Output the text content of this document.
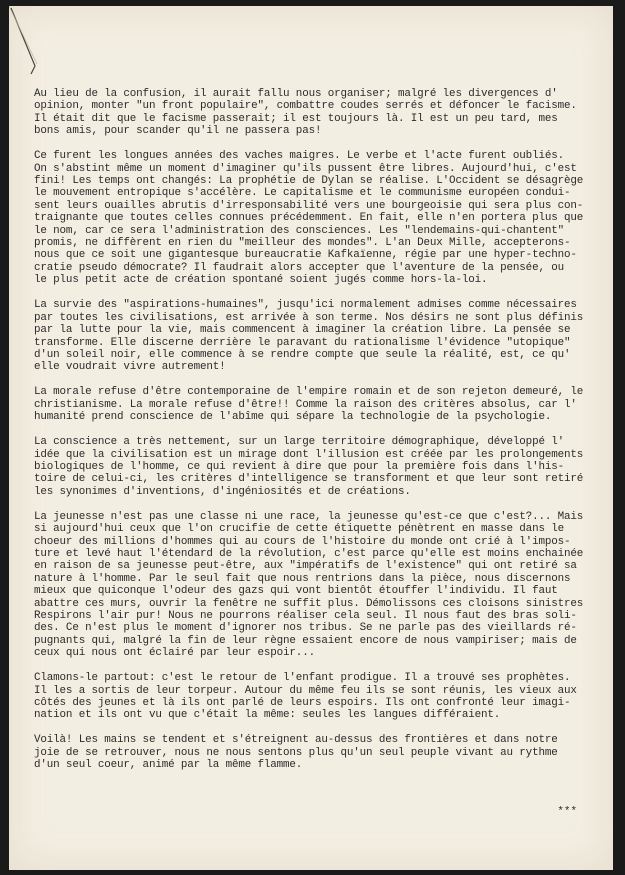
Au lieu de la confusion, il aurait fallu nous organiser; malgré les divergences d'
opinion, monter "un front populaire", combattre coudes serrés et défoncer le facisme.
Il était dit que le facisme passerait; il est toujours là. Il est un peu tard, mes
bons amis, pour scander qu'il ne passera pas!
Ce furent les longues années des vaches maigres. Le verbe et l'acte furent oubliés.
On s'abstint même un moment d'imaginer qu'ils pussent être libres. Aujourd'hui, c'est
fini! Les temps ont changés: La prophétie de Dylan se réalise. L'Occident se désagrège
le mouvement entropique s'accélère. Le capitalisme et le communisme européen condui-
sent leurs ouailles abrutis d'irresponsabilité vers une bourgeoisie qui sera plus con-
traignante que toutes celles connues précédemment. En fait, elle n'en portera plus que
le nom, car ce sera l'administration des consciences. Les "lendemains-qui-chantent"
promis, ne diffèrent en rien du "meilleur des mondes". L'an Deux Mille, accepterons-
nous que ce soit une gigantesque bureaucratie Kafkaïenne, régie par une hyper-techno-
cratie pseudo démocrate? Il faudrait alors accepter que l'aventure de la pensée, ou
le plus petit acte de création spontané soient jugés comme hors-la-loi.
La survie des "aspirations-humaines", jusqu'ici normalement admises comme nécessaires
par toutes les civilisations, est arrivée à son terme. Nos désirs ne sont plus définis
par la lutte pour la vie, mais commencent à imaginer la création libre. La pensée se
transforme. Elle discerne derrière le paravant du rationalisme l'évidence "utopique"
d'un soleil noir, elle commence à se rendre compte que seule la réalité, est, ce qu'
elle voudrait vivre autrement!
La morale refuse d'être contemporaine de l'empire romain et de son rejeton demeuré, le
christianisme. La morale refuse d'être!! Comme la raison des critères absolus, car l'
humanité prend conscience de l'abîme qui sépare la technologie de la psychologie.
La conscience a très nettement, sur un large territoire démographique, développé l'
idée que la civilisation est un mirage dont l'illusion est créée par les prolongements
biologiques de l'homme, ce qui revient à dire que pour la première fois dans l'his-
toire de celui-ci, les critères d'intelligence se transforment et que leur sont retiré
les synonimes d'inventions, d'ingéniosités et de créations.
La jeunesse n'est pas une classe ni une race, la jeunesse qu'est-ce que c'est?... Mais
si aujourd'hui ceux que l'on crucifie de cette étiquette pénètrent en masse dans le
choeur des millions d'hommes qui au cours de l'histoire du monde ont crié à l'impos-
ture et levé haut l'étendard de la révolution, c'est parce qu'elle est moins enchainée
en raison de sa jeunesse peut-être, aux "impératifs de l'existence" qui ont retiré sa
nature à l'homme. Par le seul fait que nous rentrions dans la pièce, nous discernons
mieux que quiconque l'odeur des gazs qui vont bientôt étouffer l'individu. Il faut
abattre ces murs, ouvrir la fenêtre ne suffit plus. Démolissons ces cloisons sinistres
Respirons l'air pur! Nous ne pourrons réaliser cela seul. Il nous faut des bras soli-
des. Ce n'est plus le moment d'ignorer nos tribus. Se ne parle pas des vieillards ré-
pugnants qui, malgré la fin de leur règne essaient encore de nous vampiriser; mais de
ceux qui nous ont éclairé par leur espoir...
Clamons-le partout: c'est le retour de l'enfant prodigue. Il a trouvé ses prophètes.
Il les a sortis de leur torpeur. Autour du même feu ils se sont réunis, les vieux aux
côtés des jeunes et là ils ont parlé de leurs espoirs. Ils ont confronté leur imagi-
nation et ils ont vu que c'était la même: seules les langues différaient.
Voilà! Les mains se tendent et s'étreignent au-dessus des frontières et dans notre
joie de se retrouver, nous ne nous sentons plus qu'un seul peuple vivant au rythme
d'un seul coeur, animé par la même flamme.
***
